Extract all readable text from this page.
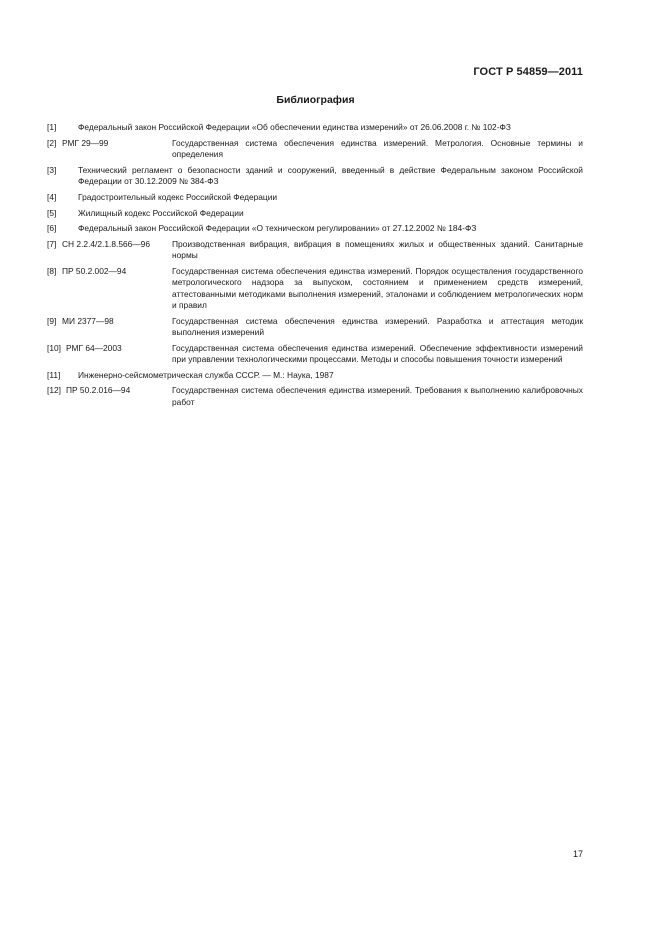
ГОСТ Р 54859—2011
Библиография
[1]	Федеральный закон Российской Федерации «Об обеспечении единства измерений» от 26.06.2008 г. № 102-ФЗ
[2] РМГ 29—99	Государственная система обеспечения единства измерений. Метрология. Основные термины и определения
[3]	Технический регламент о безопасности зданий и сооружений, введенный в действие Федеральным законом Российской Федерации от 30.12.2009 № 384-ФЗ
[4]	Градостроительный кодекс Российской Федерации
[5]	Жилищный кодекс Российской Федерации
[6]	Федеральный закон Российской Федерации «О техническом регулировании» от 27.12.2002 № 184-ФЗ
[7] СН 2.2.4/2.1.8.566—96	Производственная вибрация, вибрация в помещениях жилых и общественных зданий. Санитарные нормы
[8] ПР 50.2.002—94	Государственная система обеспечения единства измерений. Порядок осуществления государственного метрологического надзора за выпуском, состоянием и применением средств измерений, аттестованными методиками выполнения измерений, эталонами и соблюдением метрологических норм и правил
[9] МИ 2377—98	Государственная система обеспечения единства измерений. Разработка и аттестация методик выполнения измерений
[10] РМГ 64—2003	Государственная система обеспечения единства измерений. Обеспечение эффективности измерений при управлении технологическими процессами. Методы и способы повышения точности измерений
[11] Инженерно-сейсмометрическая служба СССР. — М.: Наука, 1987
[12] ПР 50.2.016—94	Государственная система обеспечения единства измерений. Требования к выполнению калибровочных работ
17
